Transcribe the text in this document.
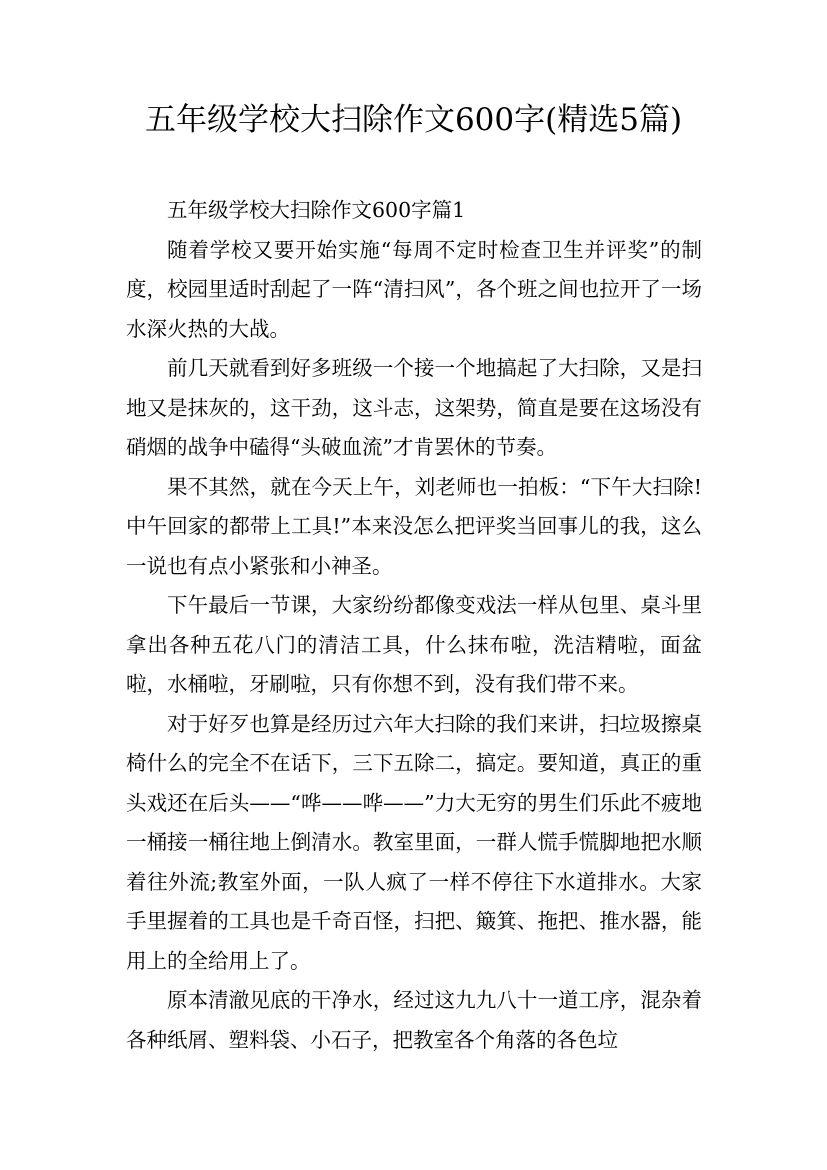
五年级学校大扫除作文600字(精选5篇)

五年级学校大扫除作文600字篇1

随着学校又要开始实施“每周不定时检查卫生并评奖”的制度，校园里适时刮起了一阵“清扫风”，各个班之间也拉开了一场水深火热的大战。

前几天就看到好多班级一个接一个地搞起了大扫除，又是扫地又是抹灰的，这干劲，这斗志，这架势，简直是要在这场没有硝烟的战争中磕得“头破血流”才肯罢休的节奏。

果不其然，就在今天上午，刘老师也一拍板：“下午大扫除!中午回家的都带上工具!”本来没怎么把评奖当回事儿的我，这么一说也有点小紧张和小神圣。

下午最后一节课，大家纷纷都像变戏法一样从包里、桌斗里拿出各种五花八门的清洁工具，什么抹布啦，洗洁精啦，面盆啦，水桶啦，牙刷啦，只有你想不到，没有我们带不来。

对于好歹也算是经历过六年大扫除的我们来讲，扫垃圾擦桌椅什么的完全不在话下，三下五除二，搞定。要知道，真正的重头戏还在后头——“哗——哗——”力大无穷的男生们乐此不疲地一桶接一桶往地上倒清水。教室里面，一群人慌手慌脚地把水顺着往外流;教室外面，一队人疯了一样不停往下水道排水。大家手里握着的工具也是千奇百怪，扫把、簸箕、拖把、推水器，能用上的全给用上了。

原本清澈见底的干净水，经过这九九八十一道工序，混杂着各种纸屑、塑料袋、小石子，把教室各个角落的各色垃
